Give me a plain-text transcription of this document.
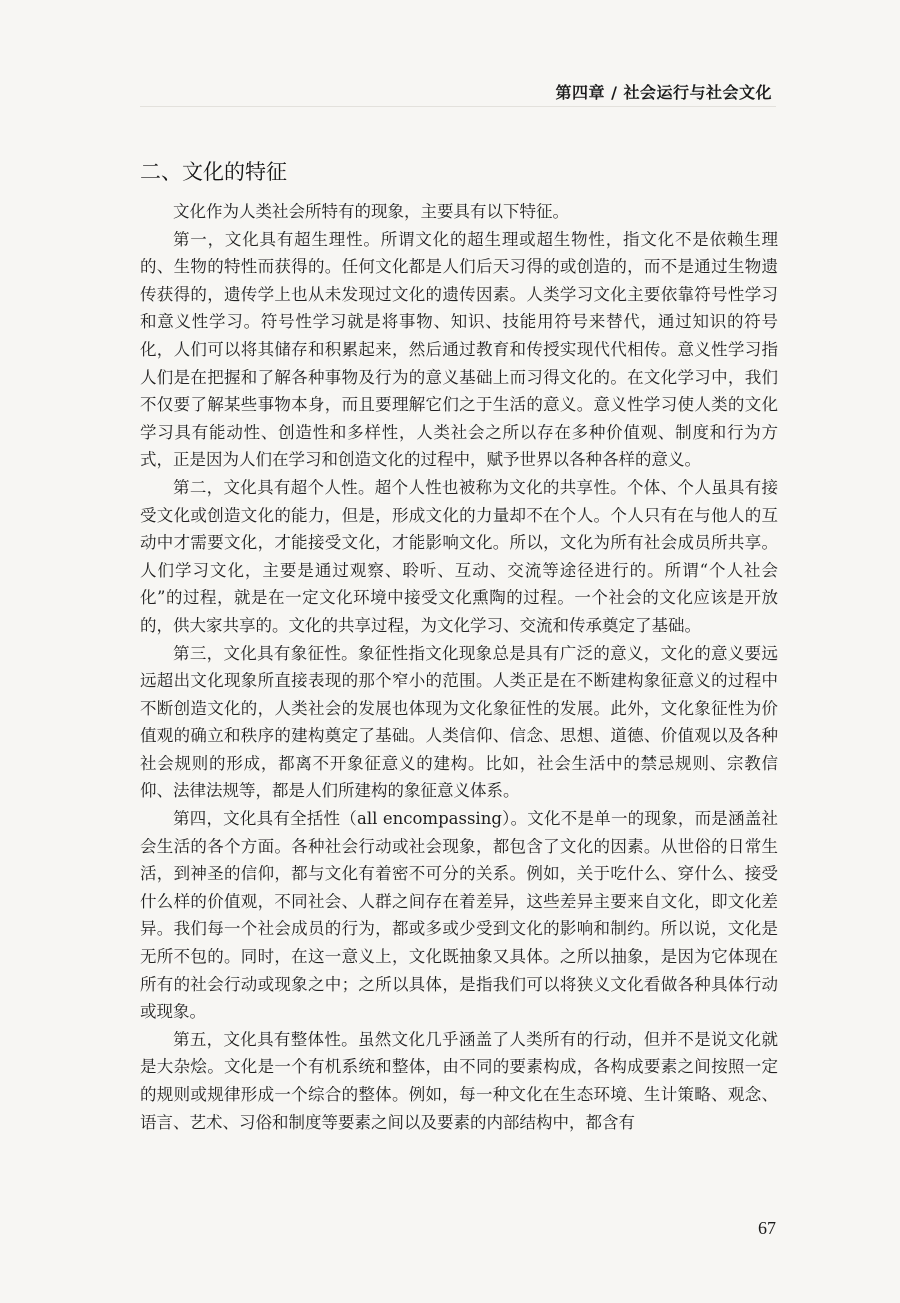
第四章 / 社会运行与社会文化
二、文化的特征

文化作为人类社会所特有的现象，主要具有以下特征。

第一，文化具有超生理性。所谓文化的超生理或超生物性，指文化不是依赖生理的、生物的特性而获得的。任何文化都是人们后天习得的或创造的，而不是通过生物遗传获得的，遗传学上也从未发现过文化的遗传因素。人类学习文化主要依靠符号性学习和意义性学习。符号性学习就是将事物、知识、技能用符号来替代，通过知识的符号化，人们可以将其储存和积累起来，然后通过教育和传授实现代代相传。意义性学习指人们是在把握和了解各种事物及行为的意义基础上而习得文化的。在文化学习中，我们不仅要了解某些事物本身，而且要理解它们之于生活的意义。意义性学习使人类的文化学习具有能动性、创造性和多样性，人类社会之所以存在多种价值观、制度和行为方式，正是因为人们在学习和创造文化的过程中，赋予世界以各种各样的意义。

第二，文化具有超个人性。超个人性也被称为文化的共享性。个体、个人虽具有接受文化或创造文化的能力，但是，形成文化的力量却不在个人。个人只有在与他人的互动中才需要文化，才能接受文化，才能影响文化。所以，文化为所有社会成员所共享。人们学习文化，主要是通过观察、聆听、互动、交流等途径进行的。所谓“个人社会化”的过程，就是在一定文化环境中接受文化熏陶的过程。一个社会的文化应该是开放的，供大家共享的。文化的共享过程，为文化学习、交流和传承奠定了基础。

第三，文化具有象征性。象征性指文化现象总是具有广泛的意义，文化的意义要远远超出文化现象所直接表现的那个窄小的范围。人类正是在不断建构象征意义的过程中不断创造文化的，人类社会的发展也体现为文化象征性的发展。此外，文化象征性为价值观的确立和秩序的建构奠定了基础。人类信仰、信念、思想、道德、价值观以及各种社会规则的形成，都离不开象征意义的建构。比如，社会生活中的禁忌规则、宗教信仰、法律法规等，都是人们所建构的象征意义体系。

第四，文化具有全括性（all encompassing）。文化不是单一的现象，而是涵盖社会生活的各个方面。各种社会行动或社会现象，都包含了文化的因素。从世俗的日常生活，到神圣的信仰，都与文化有着密不可分的关系。例如，关于吃什么、穿什么、接受什么样的价值观，不同社会、人群之间存在着差异，这些差异主要来自文化，即文化差异。我们每一个社会成员的行为，都或多或少受到文化的影响和制约。所以说，文化是无所不包的。同时，在这一意义上，文化既抽象又具体。之所以抽象，是因为它体现在所有的社会行动或现象之中；之所以具体，是指我们可以将狭义文化看做各种具体行动或现象。

第五，文化具有整体性。虽然文化几乎涵盖了人类所有的行动，但并不是说文化就是大杂烩。文化是一个有机系统和整体，由不同的要素构成，各构成要素之间按照一定的规则或规律形成一个综合的整体。例如，每一种文化在生态环境、生计策略、观念、语言、艺术、习俗和制度等要素之间以及要素的内部结构中，都含有

67
